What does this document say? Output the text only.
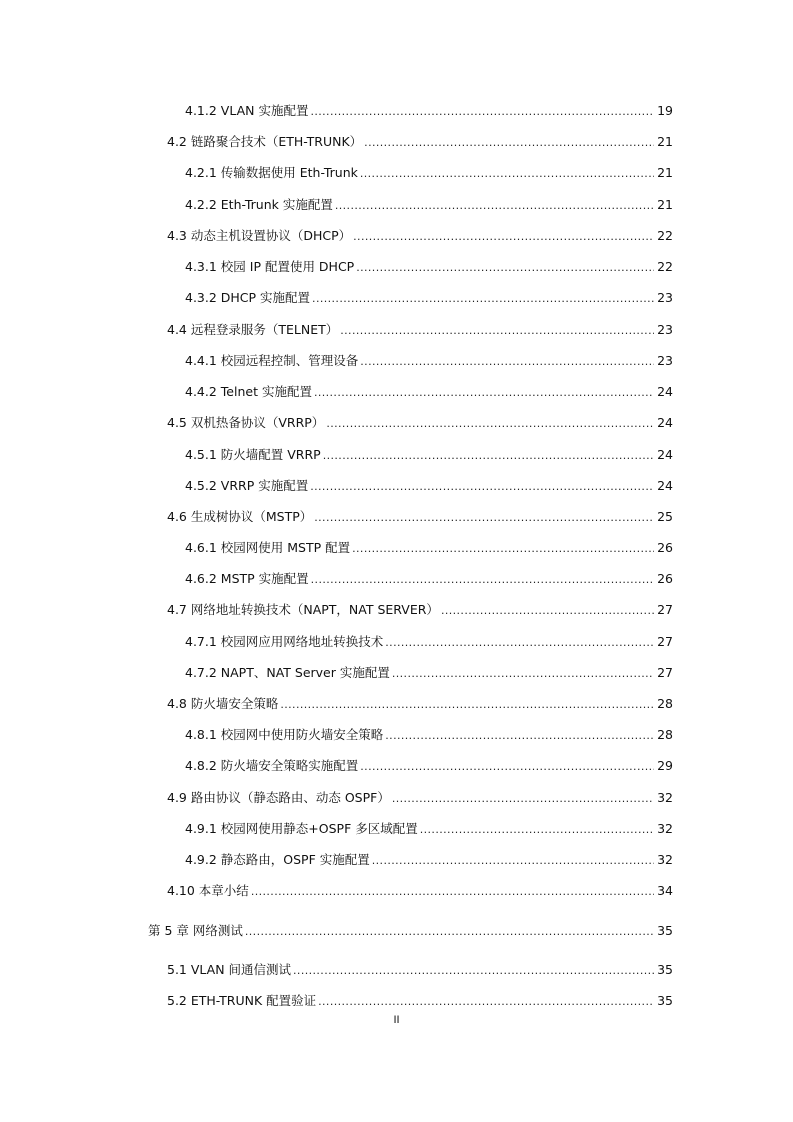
4.1.2 VLAN 实施配置 .....	19
4.2 链路聚合技术（ETH-TRUNK） .....	21
4.2.1 传输数据使用 Eth-Trunk .....	21
4.2.2 Eth-Trunk 实施配置 .....	21
4.3 动态主机设置协议（DHCP） .....	22
4.3.1 校园 IP 配置使用 DHCP .....	22
4.3.2 DHCP 实施配置 .....	23
4.4 远程登录服务（TELNET） .....	23
4.4.1 校园远程控制、管理设备 .....	23
4.4.2 Telnet 实施配置 .....	24
4.5 双机热备协议（VRRP） .....	24
4.5.1 防火墙配置 VRRP .....	24
4.5.2 VRRP 实施配置 .....	24
4.6 生成树协议（MSTP） .....	25
4.6.1 校园网使用 MSTP 配置 .....	26
4.6.2 MSTP 实施配置 .....	26
4.7 网络地址转换技术（NAPT，NAT SERVER） .....	27
4.7.1 校园网应用网络地址转换技术 .....	27
4.7.2 NAPT、NAT Server 实施配置 .....	27
4.8 防火墙安全策略 .....	28
4.8.1 校园网中使用防火墙安全策略 .....	28
4.8.2 防火墙安全策略实施配置 .....	29
4.9 路由协议（静态路由、动态 OSPF） .....	32
4.9.1 校园网使用静态+OSPF 多区域配置 .....	32
4.9.2 静态路由，OSPF 实施配置 .....	32
4.10 本章小结 .....	34
第 5 章 网络测试 .....	35
5.1 VLAN 间通信测试 .....	35
5.2 ETH-TRUNK 配置验证 .....	35
II
